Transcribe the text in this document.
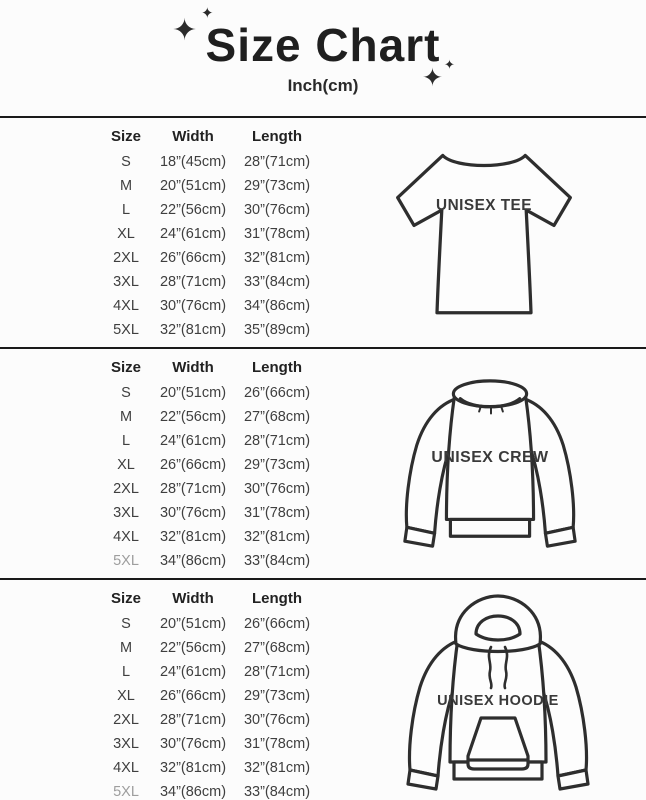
✦
✦
Size Chart ✦
✦
Inch(cm)
Size Width	Length
S 18”(45cm) 28”(71cm)
M 20”(51cm) 29”(73cm)
L 22”(56cm) 30”(76cm)
XL 24”(61cm) 31”(78cm)
2XL 26”(66cm) 32”(81cm)
3XL 28”(71cm) 33”(84cm)
4XL 30”(76cm) 34”(86cm)
5XL 32”(81cm) 35”(89cm)
UNISEX TEE
Size Width	Length
S 20”(51cm) 26”(66cm)
M 22”(56cm) 27”(68cm)
L 24”(61cm) 28”(71cm)
XL 26”(66cm) 29”(73cm)
2XL 28”(71cm) 30”(76cm)
3XL 30”(76cm) 31”(78cm)
4XL 32”(81cm) 32”(81cm)
5XL 34”(86cm) 33”(84cm)
UNISEX CREW
Size Width	Length
S 20”(51cm) 26”(66cm)
M 22”(56cm) 27”(68cm)
L 24”(61cm) 28”(71cm)
XL 26”(66cm) 29”(73cm)
2XL 28”(71cm) 30”(76cm)
3XL 30”(76cm) 31”(78cm)
4XL 32”(81cm) 32”(81cm)
5XL 34”(86cm) 33”(84cm)
UNISEX HOODIE
